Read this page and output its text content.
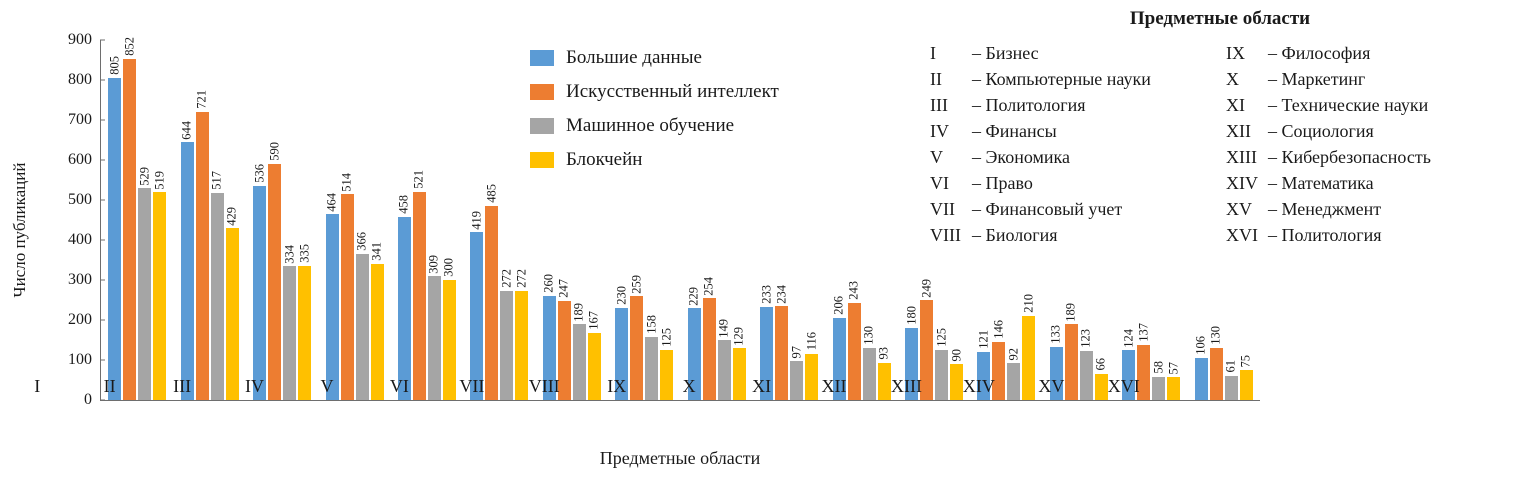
Число публикаций
0
100
200
300
400
500
600
700
800
900
805
852
529 519
644
721
517
429
536
590
334 335
464
514
366
341
458
521
309 300
419
485
272 272 260 247
189 167
230
259
158
125
229
254
149 129
233 234
97
116
206
243
130
93
180
249
125
90
121
146
92
210
133
189
123
66
124 137
58 57
106
130
61 75
I	II	III	IV	V	VI	VII	VIII	IX	X	XI	XII	XIII	XIV	XV	XVI
Предметные области
Большие данные
Искусственный интеллект
Машинное обучение
Блокчейн
Предметные области
I – Бизнес
II – Компьютерные науки
III – Политология
IV – Финансы
V – Экономика
VI – Право
VII – Финансовый учет
VIII – Биология
IX – Философия
X – Маркетинг
XI – Технические науки
XII – Социология
XIII – Кибербезопасность
XIV – Математика
XV – Менеджмент
XVI – Политология
